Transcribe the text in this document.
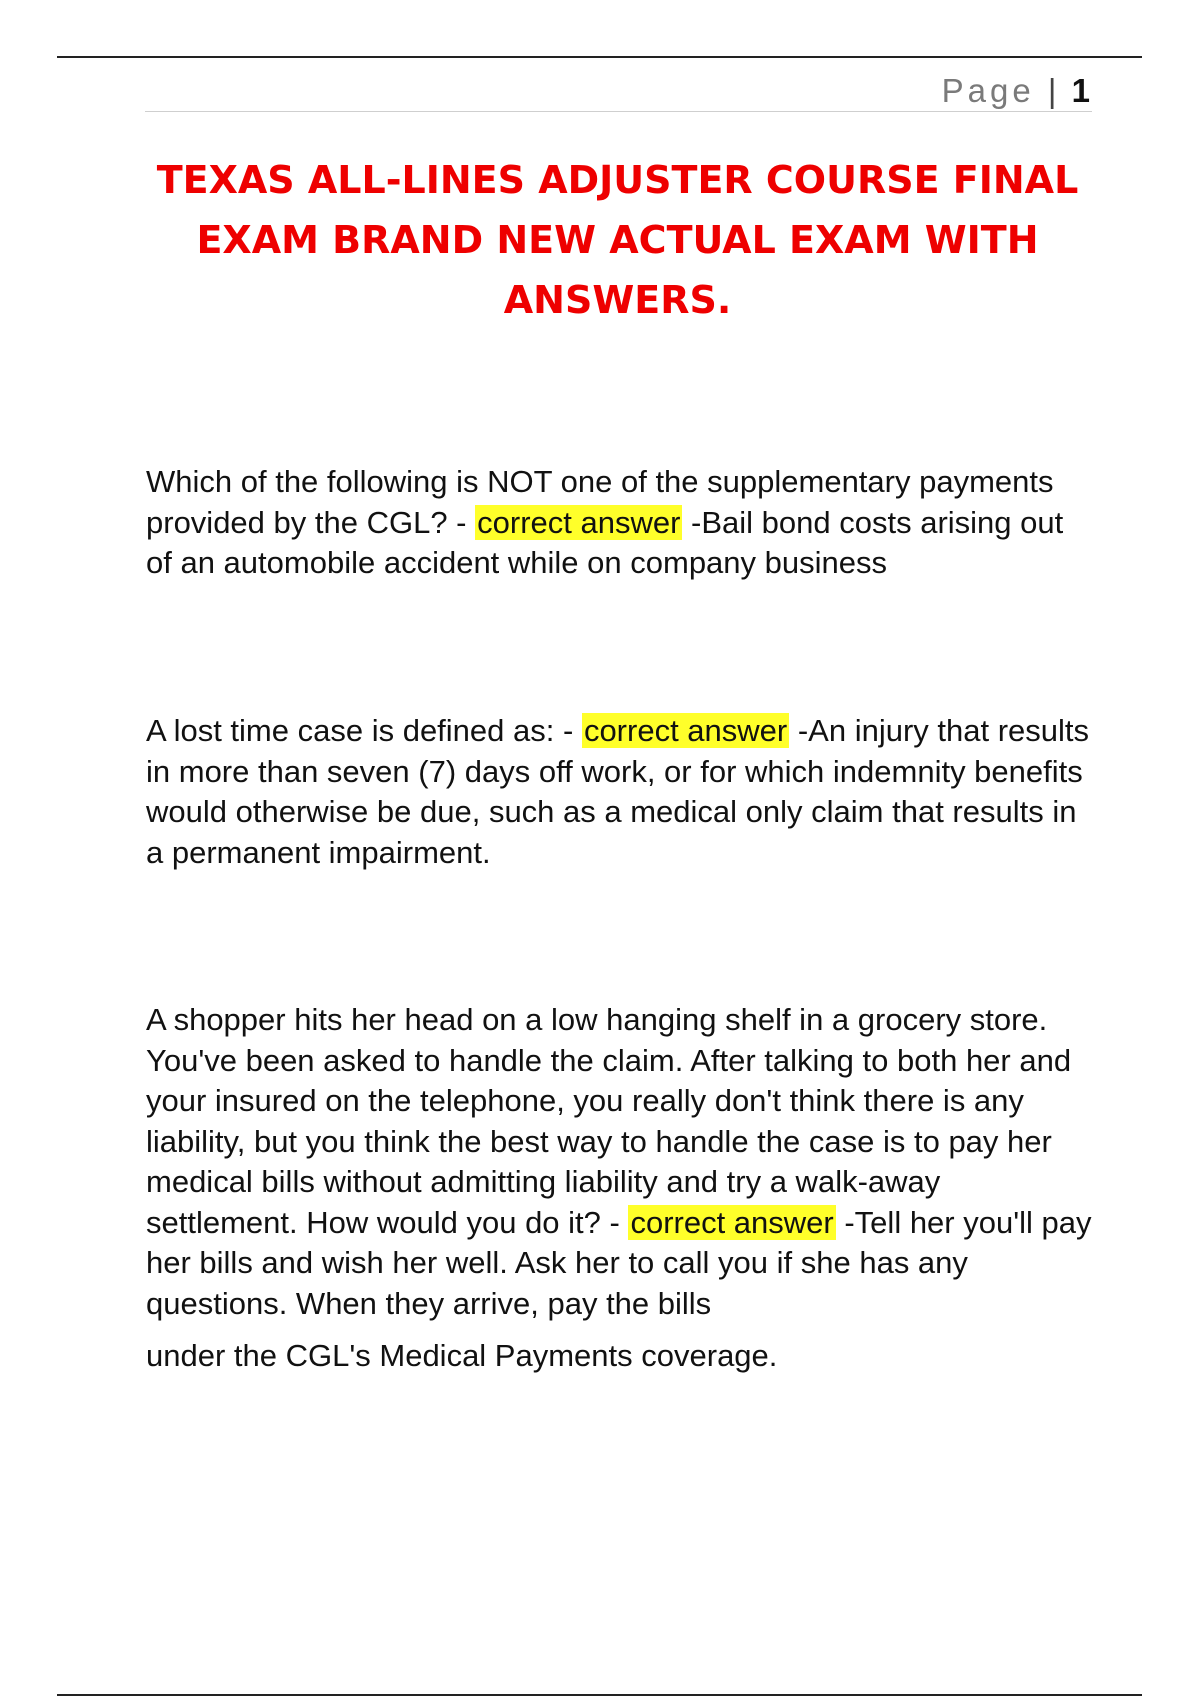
Page | 1
TEXAS ALL-LINES ADJUSTER COURSE FINAL EXAM BRAND NEW ACTUAL EXAM WITH ANSWERS.

Which of the following is NOT one of the supplementary payments provided by the CGL? - correct answer -Bail bond costs arising out of an automobile accident while on company business

A lost time case is defined as: - correct answer -An injury that results in more than seven (7) days off work, or for which indemnity benefits would otherwise be due, such as a medical only claim that results in a permanent impairment.

A shopper hits her head on a low hanging shelf in a grocery store. You've been asked to handle the claim. After talking to both her and your insured on the telephone, you really don't think there is any liability, but you think the best way to handle the case is to pay her medical bills without admitting liability and try a walk-away settlement. How would you do it? - correct answer -Tell her you'll pay her bills and wish her well. Ask her to call you if she has any questions. When they arrive, pay the bills

under the CGL's Medical Payments coverage.
